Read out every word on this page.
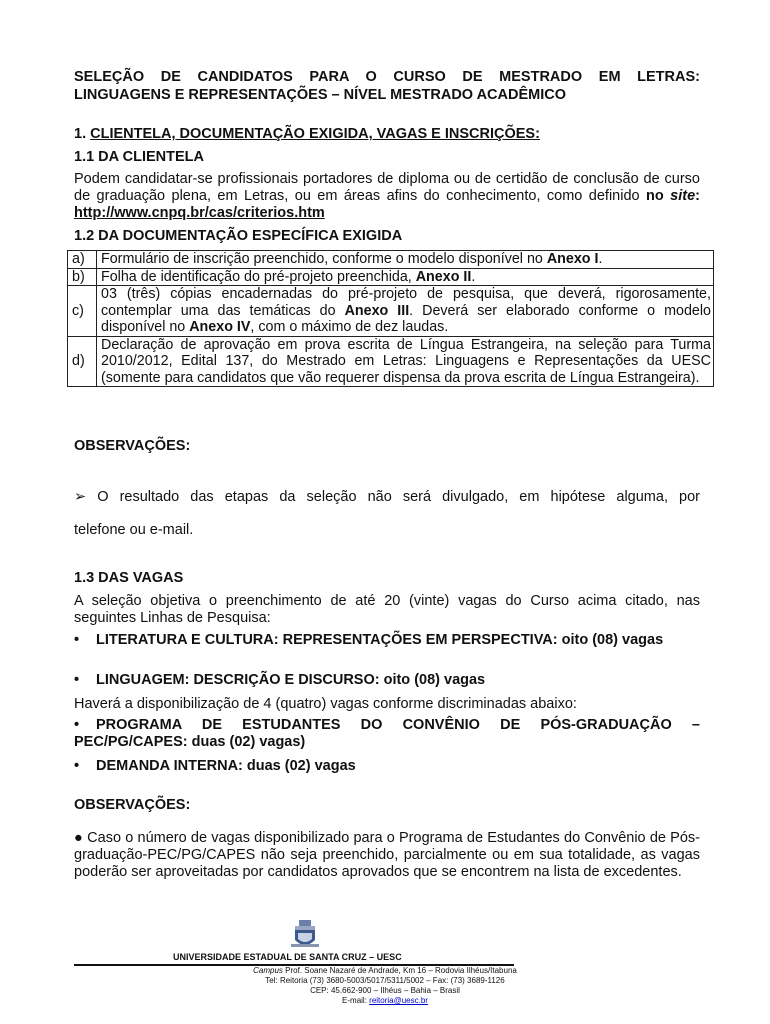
SELEÇÃO DE CANDIDATOS PARA O CURSO DE MESTRADO EM LETRAS:
LINGUAGENS E REPRESENTAÇÕES – NÍVEL MESTRADO ACADÊMICO
1. CLIENTELA, DOCUMENTAÇÃO EXIGIDA, VAGAS E INSCRIÇÕES:
1.1 DA CLIENTELA
Podem candidatar-se profissionais portadores de diploma ou de certidão de conclusão de curso de graduação plena, em Letras, ou em áreas afins do conhecimento, como definido no site: http://www.cnpq.br/cas/criterios.htm
1.2 DA DOCUMENTAÇÃO ESPECÍFICA EXIGIDA
a)	Formulário de inscrição preenchido, conforme o modelo disponível no Anexo I.
b)	Folha de identificação do pré-projeto preenchida, Anexo II.
c)	03 (três) cópias encadernadas do pré-projeto de pesquisa, que deverá, rigorosamente, contemplar uma das temáticas do Anexo III. Deverá ser elaborado conforme o modelo disponível no Anexo IV, com o máximo de dez laudas.
d)	Declaração de aprovação em prova escrita de Língua Estrangeira, na seleção para Turma 2010/2012, Edital 137, do Mestrado em Letras: Linguagens e Representações da UESC (somente para candidatos que vão requerer dispensa da prova escrita de Língua Estrangeira).
OBSERVAÇÕES:
➢ O resultado das etapas da seleção não será divulgado, em hipótese alguma, por
telefone ou e-mail.
1.3 DAS VAGAS
A seleção objetiva o preenchimento de até 20 (vinte) vagas do Curso acima citado, nas seguintes Linhas de Pesquisa:
• LITERATURA E CULTURA: REPRESENTAÇÕES EM PERSPECTIVA: oito (08) vagas
• LINGUAGEM: DESCRIÇÃO E DISCURSO: oito (08) vagas
Haverá a disponibilização de 4 (quatro) vagas conforme discriminadas abaixo:
• PROGRAMA DE ESTUDANTES DO CONVÊNIO DE PÓS-GRADUAÇÃO – PEC/PG/CAPES: duas (02) vagas)
• DEMANDA INTERNA: duas (02) vagas
OBSERVAÇÕES:
● Caso o número de vagas disponibilizado para o Programa de Estudantes do Convênio de Pós-graduação-PEC/PG/CAPES não seja preenchido, parcialmente ou em sua totalidade, as vagas poderão ser aproveitadas por candidatos aprovados que se encontrem na lista de excedentes.
UNIVERSIDADE ESTADUAL DE SANTA CRUZ – UESC
Campus Prof. Soane Nazaré de Andrade, Km 16 – Rodovia Ilhéus/Itabuna
Tel: Reitoria (73) 3680-5003/5017/5311/5002 – Fax: (73) 3689-1126
CEP: 45.662-900 – Ilhéus – Bahia – Brasil
E-mail: reitoria@uesc.br
